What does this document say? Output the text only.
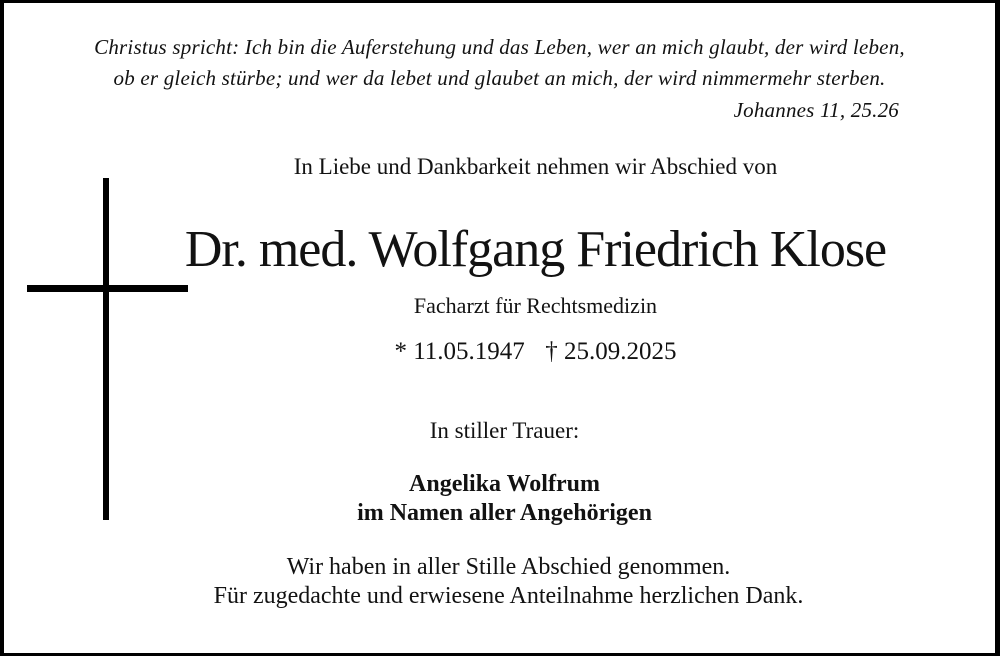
Christus spricht: Ich bin die Auferstehung und das Leben, wer an mich glaubt, der wird leben,
ob er gleich stürbe; und wer da lebet und glaubet an mich, der wird nimmermehr sterben.
Johannes 11, 25.26
In Liebe und Dankbarkeit nehmen wir Abschied von
Dr. med. Wolfgang Friedrich Klose
Facharzt für Rechtsmedizin
* 11.05.1947 † 25.09.2025
In stiller Trauer:
Angelika Wolfrum
im Namen aller Angehörigen
Wir haben in aller Stille Abschied genommen.
Für zugedachte und erwiesene Anteilnahme herzlichen Dank.
